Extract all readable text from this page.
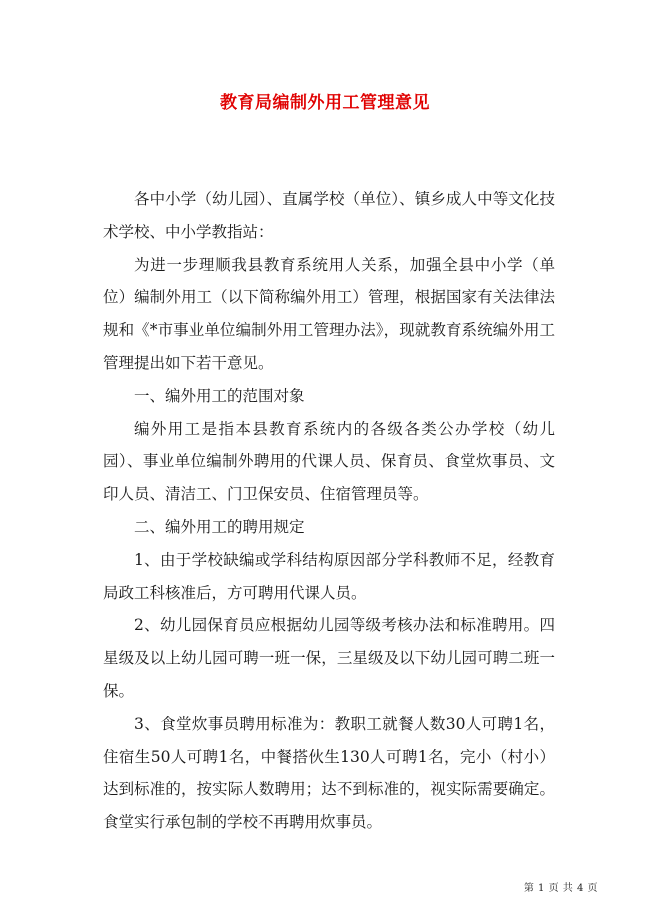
教育局编制外用工管理意见

各中小学（幼儿园）、直属学校（单位）、镇乡成人中等文化技术学校、中小学教指站：

为进一步理顺我县教育系统用人关系，加强全县中小学（单位）编制外用工（以下简称编外用工）管理，根据国家有关法律法规和《*市事业单位编制外用工管理办法》，现就教育系统编外用工管理提出如下若干意见。

一、编外用工的范围对象

编外用工是指本县教育系统内的各级各类公办学校（幼儿园）、事业单位编制外聘用的代课人员、保育员、食堂炊事员、文印人员、清洁工、门卫保安员、住宿管理员等。

二、编外用工的聘用规定

1、由于学校缺编或学科结构原因部分学科教师不足，经教育局政工科核准后，方可聘用代课人员。

2、幼儿园保育员应根据幼儿园等级考核办法和标准聘用。四星级及以上幼儿园可聘一班一保，三星级及以下幼儿园可聘二班一保。

3、食堂炊事员聘用标准为：教职工就餐人数30人可聘1名，住宿生50人可聘1名，中餐搭伙生130人可聘1名，完小（村小）达到标准的，按实际人数聘用；达不到标准的，视实际需要确定。食堂实行承包制的学校不再聘用炊事员。

第 1 页 共 4 页
